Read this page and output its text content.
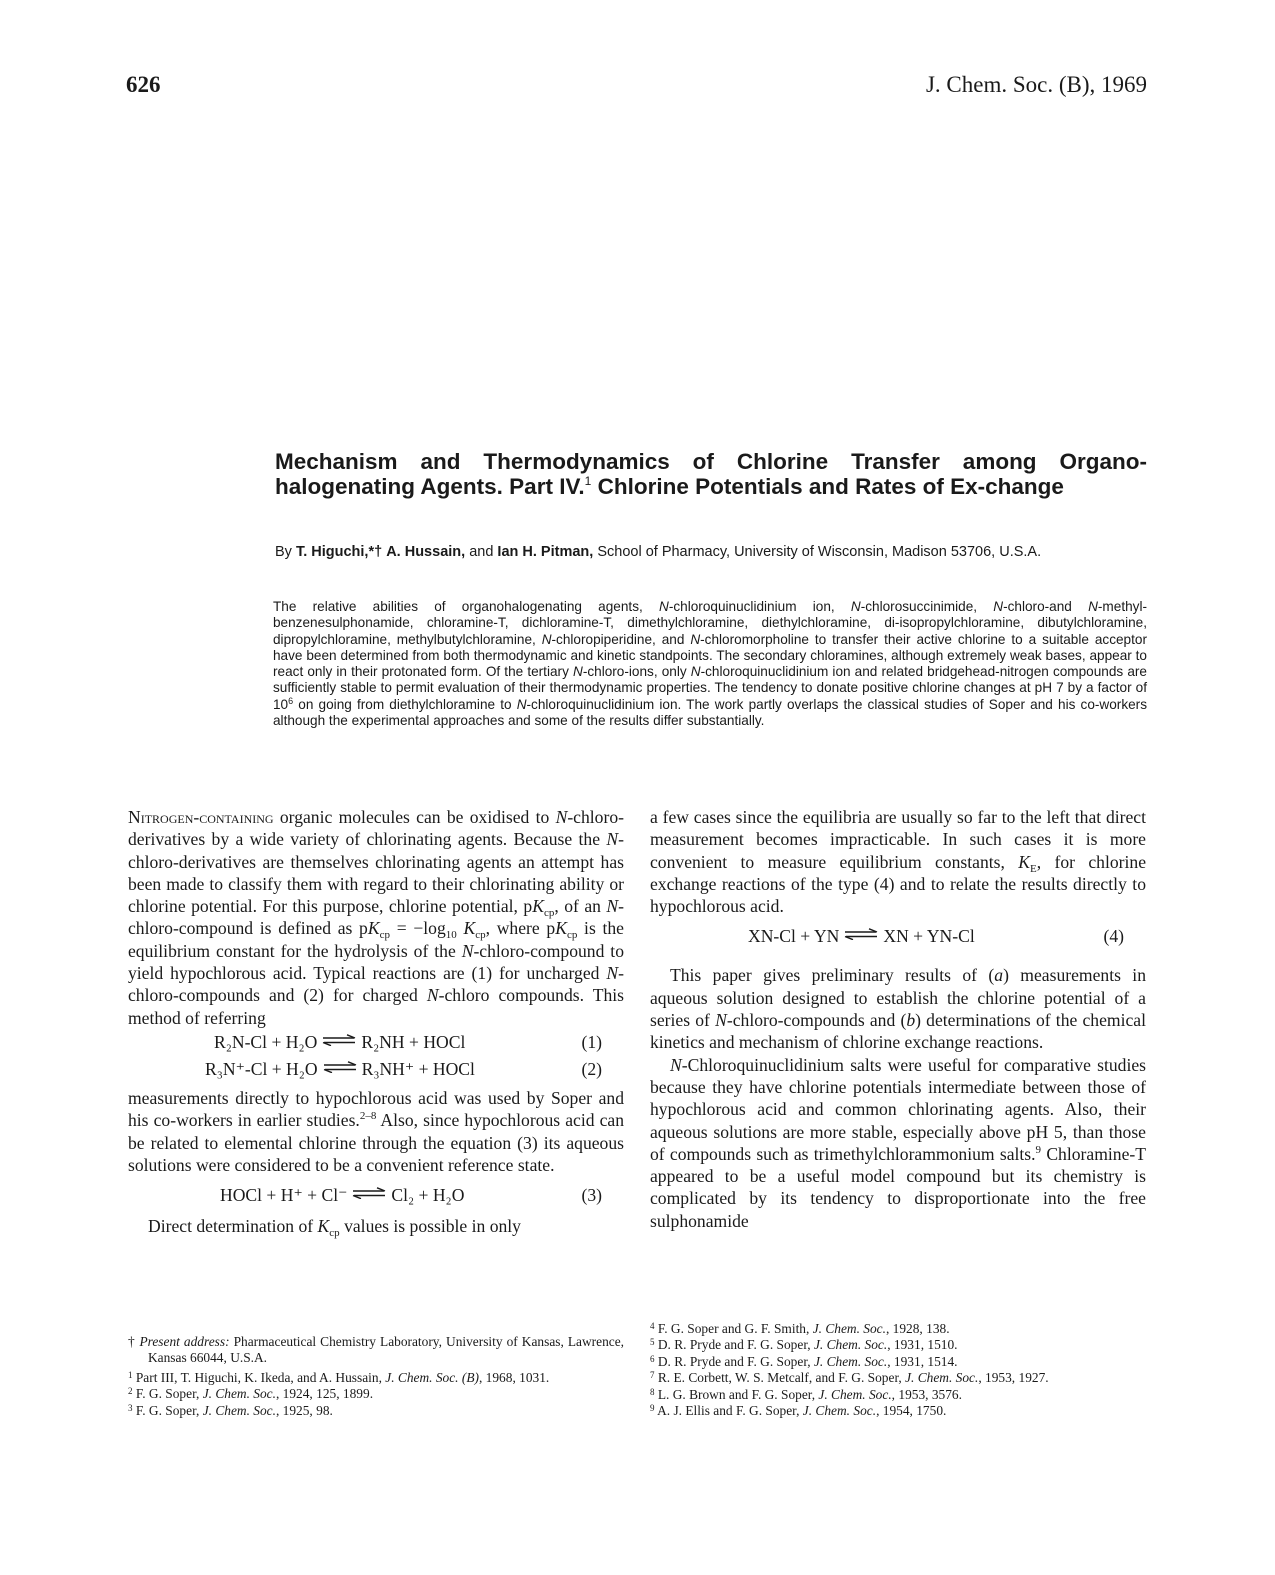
626	J. Chem. Soc. (B), 1969
Mechanism and Thermodynamics of Chlorine Transfer among Organo-halogenating Agents. Part IV.$^1$ Chlorine Potentials and Rates of Ex-change
By T. Higuchi,*† A. Hussain, and Ian H. Pitman, School of Pharmacy, University of Wisconsin, Madison 53706, U.S.A.
The relative abilities of organohalogenating agents, N-chloroquinuclidinium ion, N-chlorosuccinimide, N-chloro-and N-methyl-benzenesulphonamide, chloramine-T, dichloramine-T, dimethylchloramine, diethylchloramine, di-isopropylchloramine, dibutylchloramine, dipropylchloramine, methylbutylchloramine, N-chloropiperidine, and N-chloromorpholine to transfer their active chlorine to a suitable acceptor have been determined from both thermodynamic and kinetic standpoints. The secondary chloramines, although extremely weak bases, appear to react only in their protonated form. Of the tertiary N-chloro-ions, only N-chloroquinuclidinium ion and related bridgehead-nitrogen compounds are sufficiently stable to permit evaluation of their thermodynamic properties. The tendency to donate positive chlorine changes at pH 7 by a factor of $10^6$ on going from diethylchloramine to N-chloroquinuclidinium ion. The work partly overlaps the classical studies of Soper and his co-workers although the experimental approaches and some of the results differ substantially.

Nitrogen-containing organic molecules can be oxidised to N-chloro-derivatives by a wide variety of chlorinating agents. Because the N-chloro-derivatives are themselves chlorinating agents an attempt has been made to classify them with regard to their chlorinating ability or chlorine potential. For this purpose, chlorine potential, $pK_{cp}$, of an N-chloro-compound is defined as $pK_{cp} = -\log_{10}$ $K_{cp}$, where $pK_{cp}$ is the equilibrium constant for the hydrolysis of the N-chloro-compound to yield hypochlorous acid. Typical reactions are (1) for uncharged N-chloro-compounds and (2) for charged N-chloro compounds. This method of referring

R₂N-Cl + H₂O	R₂NH + HOCl	(1)
R₃N⁺-Cl + H₂O	R₃NH⁺ + HOCl	(2)

measurements directly to hypochlorous acid was used by Soper and his co-workers in earlier studies.$^{2-8}$ Also, since hypochlorous acid can be related to elemental chlorine through the equation (3) its aqueous solutions were considered to be a convenient reference state.

HOCl + H⁺ + Cl⁻	Cl₂ + H₂O	(3)

Direct determination of $K_{cp}$ values is possible in only

a few cases since the equilibria are usually so far to the left that direct measurement becomes impracticable. In such cases it is more convenient to measure equilibrium constants, $K_E$, for chlorine exchange reactions of the type (4) and to relate the results directly to hypochlorous acid.

XN-Cl + YN	XN + YN-Cl	(4)

This paper gives preliminary results of (a) measurements in aqueous solution designed to establish the chlorine potential of a series of N-chloro-compounds and (b) determinations of the chemical kinetics and mechanism of chlorine exchange reactions.

N-Chloroquinuclidinium salts were useful for comparative studies because they have chlorine potentials intermediate between those of hypochlorous acid and common chlorinating agents. Also, their aqueous solutions are more stable, especially above pH 5, than those of compounds such as trimethylchlorammonium salts.$^9$ Chloramine-T appeared to be a useful model compound but its chemistry is complicated by its tendency to disproportionate into the free sulphonamide

† Present address: Pharmaceutical Chemistry Laboratory, University of Kansas, Lawrence, Kansas 66044, U.S.A.

$^1$ Part III, T. Higuchi, K. Ikeda, and A. Hussain, J. Chem. Soc. (B), 1968, 1031.

$^2$ F. G. Soper, J. Chem. Soc., 1924, 125, 1899.

$^3$ F. G. Soper, J. Chem. Soc., 1925, 98.

$^4$ F. G. Soper and G. F. Smith, J. Chem. Soc., 1928, 138.

$^5$ D. R. Pryde and F. G. Soper, J. Chem. Soc., 1931, 1510.

$^6$ D. R. Pryde and F. G. Soper, J. Chem. Soc., 1931, 1514.

$^7$ R. E. Corbett, W. S. Metcalf, and F. G. Soper, J. Chem. Soc., 1953, 1927.

$^8$ L. G. Brown and F. G. Soper, J. Chem. Soc., 1953, 3576.

$^9$ A. J. Ellis and F. G. Soper, J. Chem. Soc., 1954, 1750.
